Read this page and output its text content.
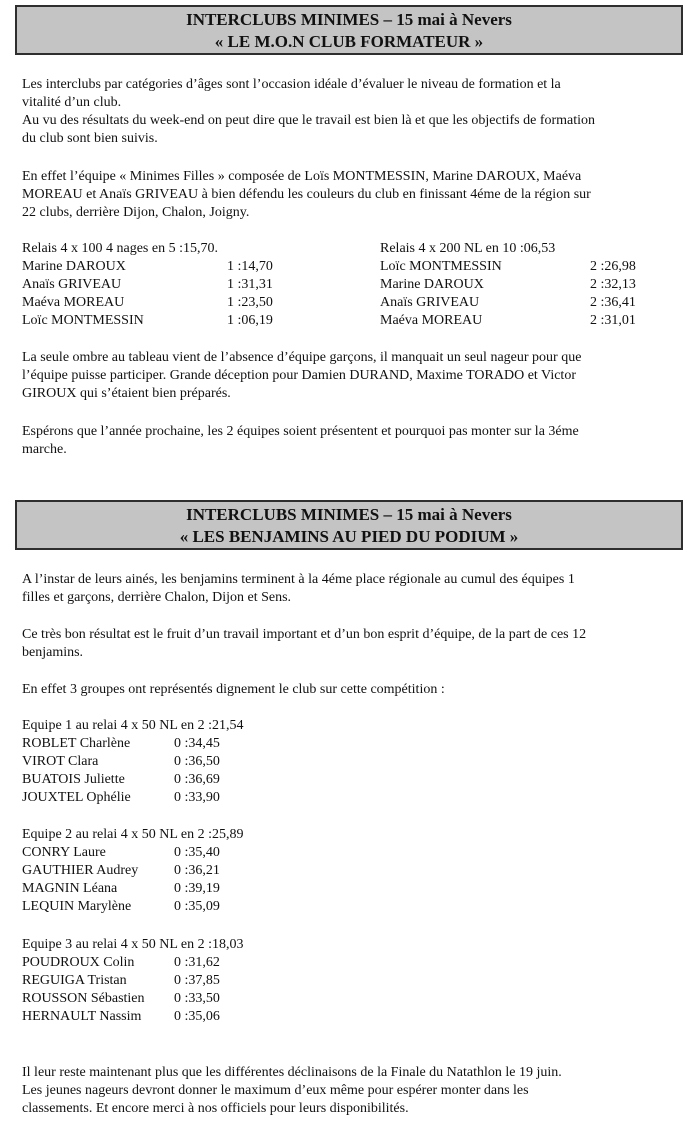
INTERCLUBS MINIMES – 15 mai à Nevers
« LE M.O.N CLUB FORMATEUR »
Les interclubs par catégories d’âges sont l’occasion idéale d’évaluer le niveau de formation et la
vitalité d’un club.
Au vu des résultats du week-end on peut dire que le travail est bien là et que les objectifs de formation
du club sont bien suivis.
En effet l’équipe « Minimes Filles » composée de Loïs MONTMESSIN, Marine DAROUX, Maéva
MOREAU et Anaïs GRIVEAU à bien défendu les couleurs du club en finissant 4éme de la région sur
22 clubs, derrière Dijon, Chalon, Joigny.
Relais 4 x 100 4 nages en 5 :15,70.
Marine DAROUX	1 :14,70
Anaïs GRIVEAU	1 :31,31
Maéva MOREAU	1 :23,50
Loïc MONTMESSIN	1 :06,19
Relais 4 x 200 NL en 10 :06,53
Loïc MONTMESSIN	2 :26,98
Marine DAROUX	2 :32,13
Anaïs GRIVEAU	2 :36,41
Maéva MOREAU	2 :31,01
La seule ombre au tableau vient de l’absence d’équipe garçons, il manquait un seul nageur pour que
l’équipe puisse participer. Grande déception pour Damien DURAND, Maxime TORADO et Victor
GIROUX qui s’étaient bien préparés.
Espérons que l’année prochaine, les 2 équipes soient présentent et pourquoi pas monter sur la 3éme
marche.
INTERCLUBS MINIMES – 15 mai à Nevers
« LES BENJAMINS AU PIED DU PODIUM »
A l’instar de leurs ainés, les benjamins terminent à la 4éme place régionale au cumul des équipes 1
filles et garçons, derrière Chalon, Dijon et Sens.
Ce très bon résultat est le fruit d’un travail important et d’un bon esprit d’équipe, de la part de ces 12
benjamins.
En effet 3 groupes ont représentés dignement le club sur cette compétition :
Equipe 1 au relai 4 x 50 NL en 2 :21,54
ROBLET Charlène	0 :34,45
VIROT Clara	0 :36,50
BUATOIS Juliette	0 :36,69
JOUXTEL Ophélie	0 :33,90
Equipe 2 au relai 4 x 50 NL en 2 :25,89
CONRY Laure	0 :35,40
GAUTHIER Audrey	0 :36,21
MAGNIN Léana	0 :39,19
LEQUIN Marylène	0 :35,09
Equipe 3 au relai 4 x 50 NL en 2 :18,03
POUDROUX Colin	0 :31,62
REGUIGA Tristan	0 :37,85
ROUSSON Sébastien 0 :33,50
HERNAULT Nassim 0 :35,06
Il leur reste maintenant plus que les différentes déclinaisons de la Finale du Natathlon le 19 juin.
Les jeunes nageurs devront donner le maximum d’eux même pour espérer monter dans les
classements. Et encore merci à nos officiels pour leurs disponibilités.
